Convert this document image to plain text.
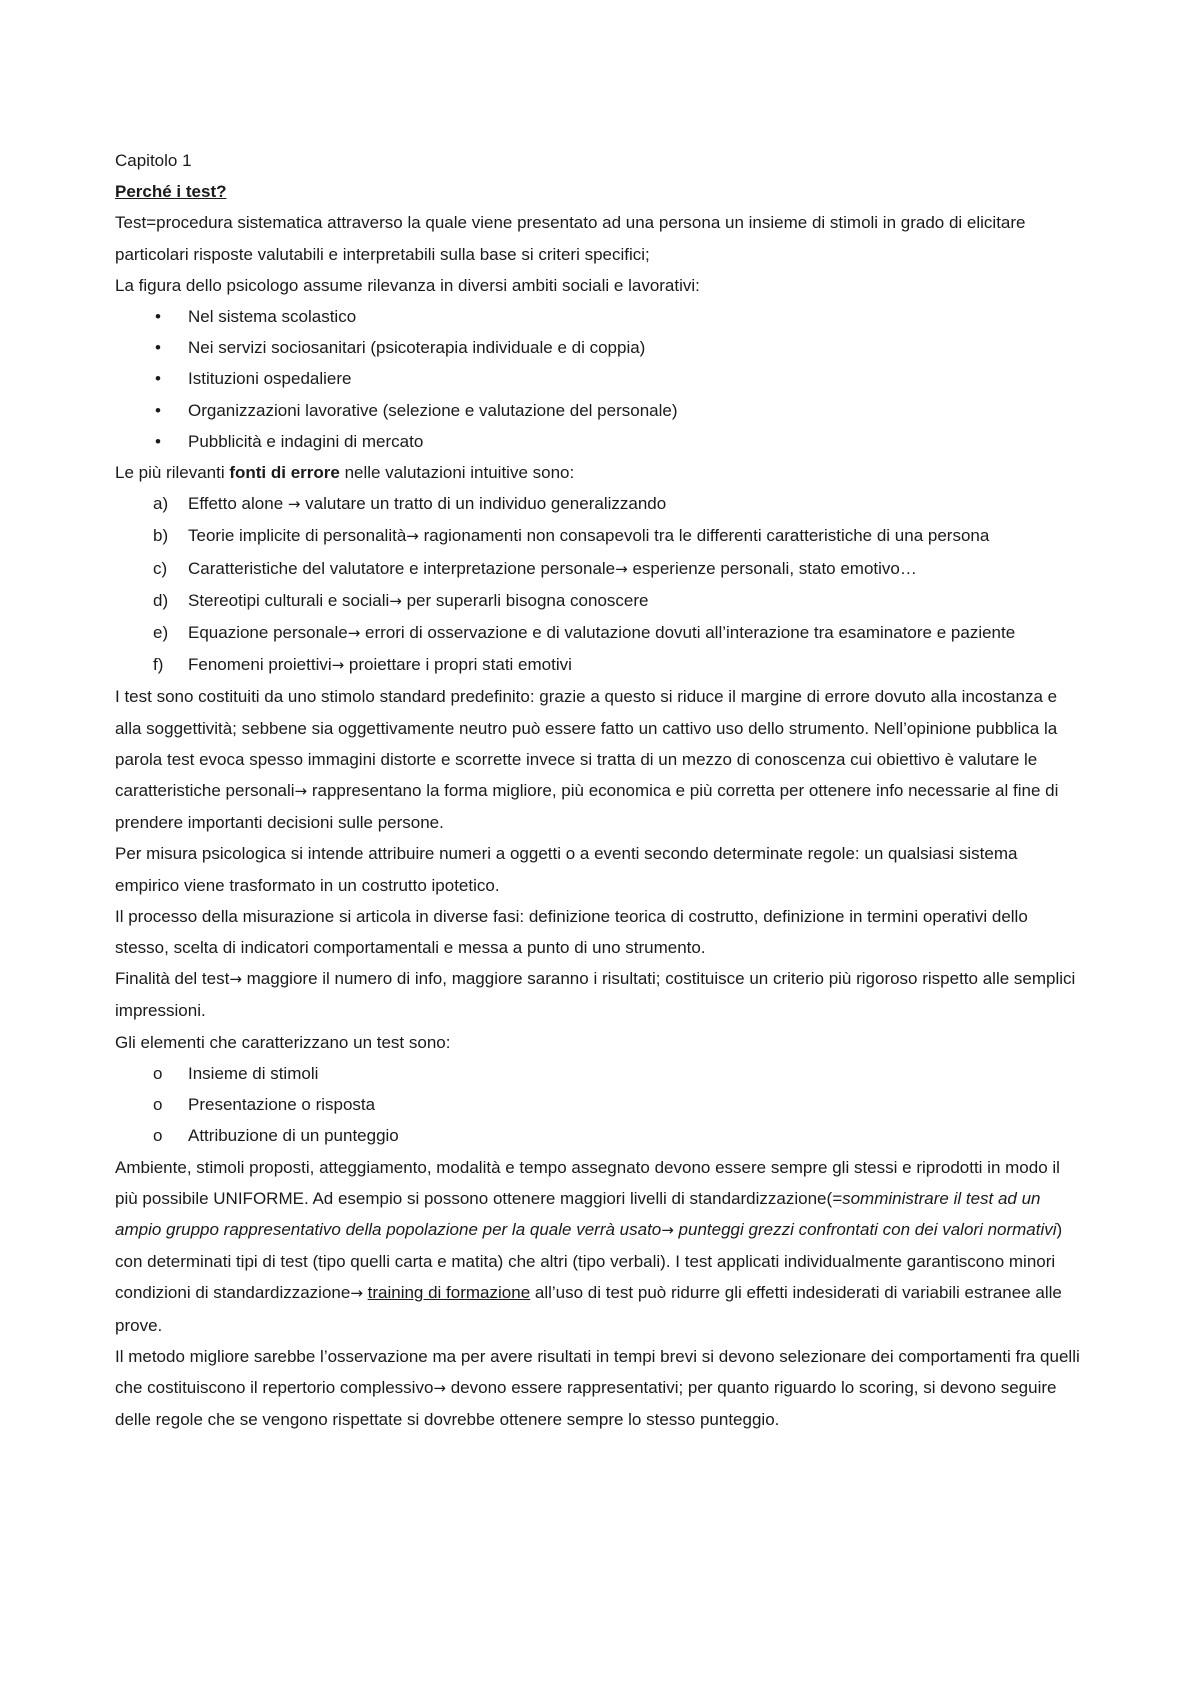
Capitolo 1

Perché i test?

Test=procedura sistematica attraverso la quale viene presentato ad una persona un insieme di stimoli in grado di elicitare particolari risposte valutabili e interpretabili sulla base si criteri specifici;

La figura dello psicologo assume rilevanza in diversi ambiti sociali e lavorativi:

• Nel sistema scolastico
• Nei servizi sociosanitari (psicoterapia individuale e di coppia)
• Istituzioni ospedaliere
• Organizzazioni lavorative (selezione e valutazione del personale)
• Pubblicità e indagini di mercato

Le più rilevanti fonti di errore nelle valutazioni intuitive sono:

a) Effetto alone → valutare un tratto di un individuo generalizzando
b) Teorie implicite di personalità→ ragionamenti non consapevoli tra le differenti caratteristiche di una persona
c) Caratteristiche del valutatore e interpretazione personale→ esperienze personali, stato emotivo…
d) Stereotipi culturali e sociali→ per superarli bisogna conoscere
e) Equazione personale→ errori di osservazione e di valutazione dovuti all’interazione tra esaminatore e paziente
f) Fenomeni proiettivi→ proiettare i propri stati emotivi

I test sono costituiti da uno stimolo standard predefinito: grazie a questo si riduce il margine di errore dovuto alla incostanza e alla soggettività; sebbene sia oggettivamente neutro può essere fatto un cattivo uso dello strumento. Nell’opinione pubblica la parola test evoca spesso immagini distorte e scorrette invece si tratta di un mezzo di conoscenza cui obiettivo è valutare le caratteristiche personali→ rappresentano la forma migliore, più economica e più corretta per ottenere info necessarie al fine di prendere importanti decisioni sulle persone.

Per misura psicologica si intende attribuire numeri a oggetti o a eventi secondo determinate regole: un qualsiasi sistema empirico viene trasformato in un costrutto ipotetico.

Il processo della misurazione si articola in diverse fasi: definizione teorica di costrutto, definizione in termini operativi dello stesso, scelta di indicatori comportamentali e messa a punto di uno strumento.

Finalità del test→ maggiore il numero di info, maggiore saranno i risultati; costituisce un criterio più rigoroso rispetto alle semplici impressioni.

Gli elementi che caratterizzano un test sono:

o Insieme di stimoli
o Presentazione o risposta
o Attribuzione di un punteggio

Ambiente, stimoli proposti, atteggiamento, modalità e tempo assegnato devono essere sempre gli stessi e riprodotti in modo il più possibile UNIFORME. Ad esempio si possono ottenere maggiori livelli di standardizzazione(=somministrare il test ad un ampio gruppo rappresentativo della popolazione per la quale verrà usato→ punteggi grezzi confrontati con dei valori normativi) con determinati tipi di test (tipo quelli carta e matita) che altri (tipo verbali). I test applicati individualmente garantiscono minori condizioni di standardizzazione→ training di formazione all’uso di test può ridurre gli effetti indesiderati di variabili estranee alle prove.

Il metodo migliore sarebbe l’osservazione ma per avere risultati in tempi brevi si devono selezionare dei comportamenti fra quelli che costituiscono il repertorio complessivo→ devono essere rappresentativi; per quanto riguardo lo scoring, si devono seguire delle regole che se vengono rispettate si dovrebbe ottenere sempre lo stesso punteggio.
